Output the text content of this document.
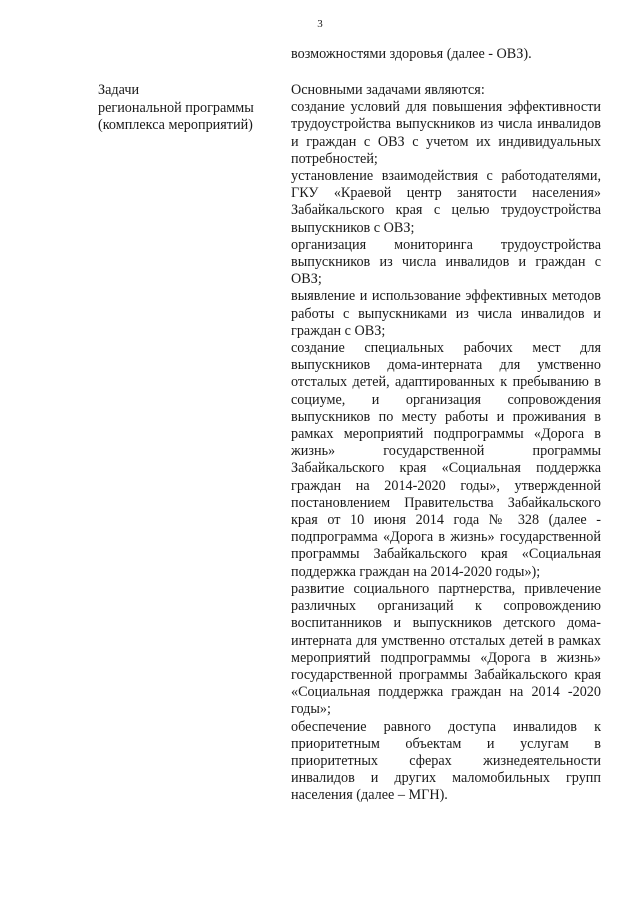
3
возможностями здоровья (далее - ОВЗ).
Задачи
региональной программы
(комплекса мероприятий)

Основными задачами являются:

создание условий для повышения эффективности трудоустройства выпускников из числа инвалидов и граждан с ОВЗ с учетом их индивидуальных потребностей;

установление взаимодействия с работодателями, ГКУ «Краевой центр занятости населения» Забайкальского края с целью трудоустройства выпускников с ОВЗ;

организация мониторинга трудоустройства выпускников из числа инвалидов и граждан с ОВЗ;

выявление и использование эффективных методов работы с выпускниками из числа инвалидов и граждан с ОВЗ;

создание специальных рабочих мест для выпускников дома-интерната для умственно отсталых детей, адаптированных к пребыванию в социуме, и организация сопровождения выпускников по месту работы и проживания в рамках мероприятий подпрограммы «Дорога в жизнь» государственной программы Забайкальского края «Социальная поддержка граждан на 2014-2020 годы», утвержденной постановлением Правительства Забайкальского края от 10 июня 2014 года № 328 (далее - подпрограмма «Дорога в жизнь» государственной программы Забайкальского края «Социальная поддержка граждан на 2014-2020 годы»);

развитие социального партнерства, привлечение различных организаций к сопровождению воспитанников и выпускников детского дома-интерната для умственно отсталых детей в рамках мероприятий подпрограммы «Дорога в жизнь» государственной программы Забайкальского края «Социальная поддержка граждан на 2014 -2020 годы»;

обеспечение равного доступа инвалидов к приоритетным объектам и услугам в приоритетных сферах жизнедеятельности инвалидов и других маломобильных групп населения (далее – МГН).
